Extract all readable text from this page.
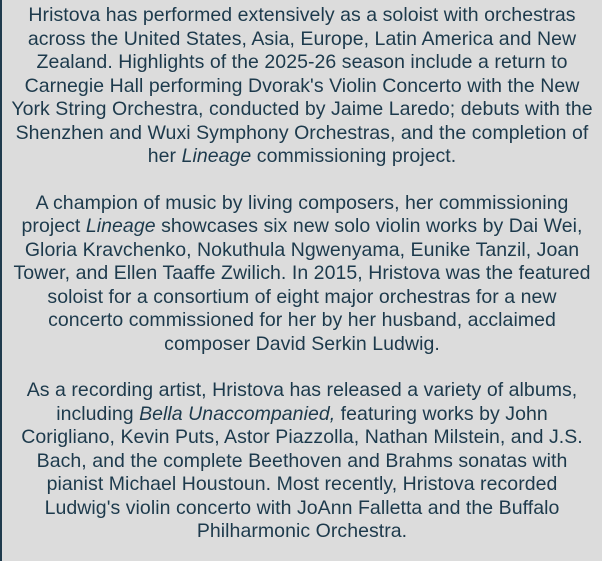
Hristova has performed extensively as a soloist with orchestras across the United States, Asia, Europe, Latin America and New Zealand. Highlights of the 2025-26 season include a return to Carnegie Hall performing Dvorak's Violin Concerto with the New York String Orchestra, conducted by Jaime Laredo; debuts with the Shenzhen and Wuxi Symphony Orchestras, and the completion of her Lineage commissioning project.

A champion of music by living composers, her commissioning project Lineage showcases six new solo violin works by Dai Wei, Gloria Kravchenko, Nokuthula Ngwenyama, Eunike Tanzil, Joan Tower, and Ellen Taaffe Zwilich. In 2015, Hristova was the featured soloist for a consortium of eight major orchestras for a new concerto commissioned for her by her husband, acclaimed composer David Serkin Ludwig.

As a recording artist, Hristova has released a variety of albums, including Bella Unaccompanied, featuring works by John Corigliano, Kevin Puts, Astor Piazzolla, Nathan Milstein, and J.S. Bach, and the complete Beethoven and Brahms sonatas with pianist Michael Houstoun. Most recently, Hristova recorded Ludwig's violin concerto with JoAnn Falletta and the Buffalo Philharmonic Orchestra.
